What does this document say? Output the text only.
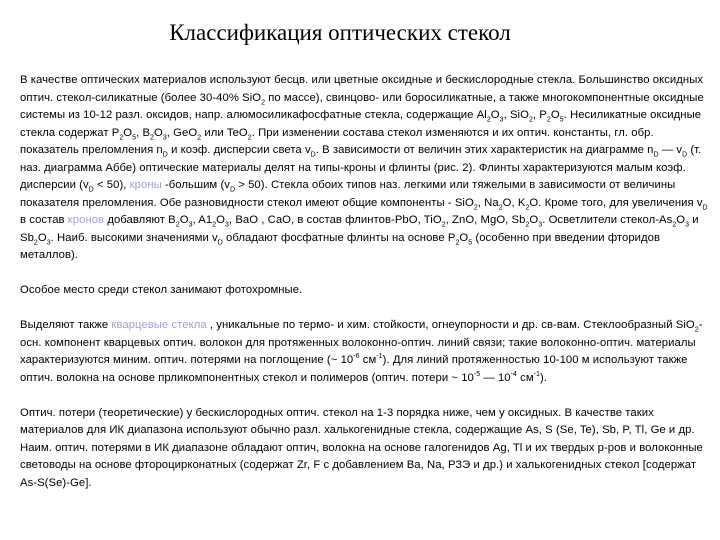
Классификация оптических стекол

В качестве оптических материалов используют бесцв. или цветные оксидные и бескислородные стекла. Большинство оксидных оптич. стекол-силикатные (более 30-40% SiO$_2$ по массе), свинцово- или боросиликатные, а также многокомпонентные оксидные системы из 10-12 разл. оксидов, напр. алюмосиликафосфатные стекла, содержащие $Al_2O_3$, SiO$_2$, $P_2O_5$. Несиликатные оксидные стекла содержат $P_2O_5$, $B_2O_3$, GeO$_2$ или TeO$_2$. При изменении состава стекол изменяются и их оптич. константы, гл. обр. показатель преломления $n_D$ и коэф. дисперсии света $v_D$. В зависимости от величин этих характеристик на диаграмме $n_D$ — $v_D$ (т. наз. диаграмма Аббе) оптические материалы делят на типы-кроны и флинты (рис. 2). Флинты характеризуются малым коэф. дисперсии $(v_D < 50)$, кроны -большим $(v_D > 50)$. Стекла обоих типов наз. легкими или тяжелыми в зависимости от величины показателя преломления. Обе разновидности стекол имеют общие компоненты - SiO$_2$, $Na_2O$, $K_2O$. Кроме того, для увеличения $v_D$ в состав кронов добавляют $B_2O_3$, $A1_2O_3$, BaO , CaO, в состав флинтов-PbO, TiO$_2$, ZnO, MgO, $Sb_2O_3$. Осветлители стекол-$As_2O_3$ и $Sb_2O_3$. Наиб. высокими значениями $v_D$ обладают фосфатные флинты на основе $P_2O_5$ (особенно при введении фторидов металлов).

Особое место среди стекол занимают фотохромные.

Выделяют также кварцевые стекла , уникальные по термо- и хим. стойкости, огнеупорности и др. св-вам. Стеклообразный SiO$_2$-осн. компонент кварцевых оптич. волокон для протяженных волоконно-оптич. линий связи; такие волоконно-оптич. материалы характеризуются миним. оптич. потерями на поглощение (~ $10^{-6}$ $см^{-1}$). Для линий протяженностью 10-100 м используют также оптич. волокна на основе прликомпонентных стекол и полимеров (оптич. потери ~ $10^{-5}$ — $10^{-4}$ $см^{-1}$).

Оптич. потери (теоретические) у бескислородных оптич. стекол на 1-3 порядка ниже, чем у оксидных. В качестве таких материалов для ИК диапазона используют обычно разл. халькогенидные стекла, содержащие As, S (Se, Te), Sb, P, Tl, Ge и др. Наим. оптич. потерями в ИК диапазоне обладают оптич, волокна на основе галогенидов Ag, Tl и их твердых р-ров и волоконные световоды на основе фтороцирконатных (содержат Zr, F с добавлением Ba, Na, РЗЭ и др.) и халькогенидных стекол [содержат As-S(Se)-Ge].
